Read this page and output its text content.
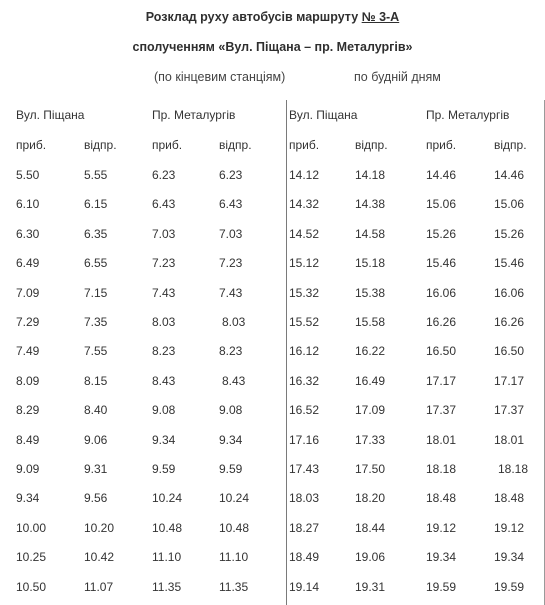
Розклад руху автобусів маршруту № 3-А
сполученням «Вул. Піщана – пр. Металургів»
(по кінцевим станціям)	по будній дням
Вул. Піщана	Пр. Металургів
приб.	відпр.	приб.	відпр.
5.50	5.55	6.23	6.23
6.10	6.15	6.43	6.43
6.30	6.35	7.03	7.03
6.49	6.55	7.23	7.23
7.09	7.15	7.43	7.43
7.29	7.35	8.03	8.03
7.49	7.55	8.23	8.23
8.09	8.15	8.43	8.43
8.29	8.40	9.08	9.08
8.49	9.06	9.34	9.34
9.09	9.31	9.59	9.59
9.34	9.56	10.24	10.24
10.00	10.20	10.48	10.48
10.25	10.42	11.10	11.10
10.50	11.07	11.35	11.35
Вул. Піщана	Пр. Металургів
приб.	відпр.	приб.	відпр.
14.12	14.18	14.46	14.46
14.32	14.38	15.06	15.06
14.52	14.58	15.26	15.26
15.12	15.18	15.46	15.46
15.32	15.38	16.06	16.06
15.52	15.58	16.26	16.26
16.12	16.22	16.50	16.50
16.32	16.49	17.17	17.17
16.52	17.09	17.37	17.37
17.16	17.33	18.01	18.01
17.43	17.50	18.18	18.18
18.03	18.20	18.48	18.48
18.27	18.44	19.12	19.12
18.49	19.06	19.34	19.34
19.14	19.31	19.59	19.59
